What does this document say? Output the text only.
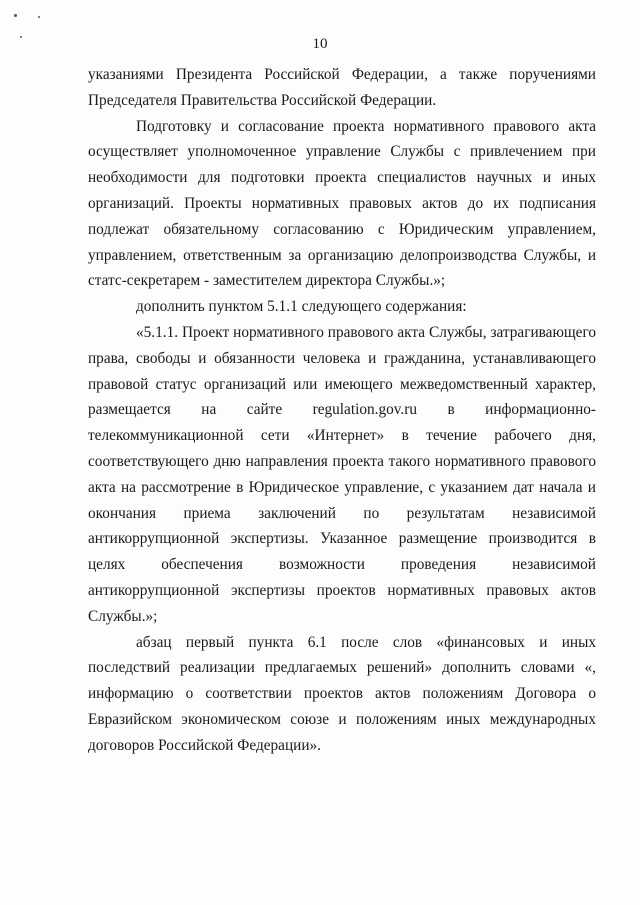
10

указаниями Президента Российской Федерации, а также поручениями Председателя Правительства Российской Федерации.

Подготовку и согласование проекта нормативного правового акта осуществляет уполномоченное управление Службы с привлечением при необходимости для подготовки проекта специалистов научных и иных организаций. Проекты нормативных правовых актов до их подписания подлежат обязательному согласованию с Юридическим управлением, управлением, ответственным за организацию делопроизводства Службы, и статс-секретарем - заместителем директора Службы.»;

дополнить пунктом 5.1.1 следующего содержания:

«5.1.1. Проект нормативного правового акта Службы, затрагивающего права, свободы и обязанности человека и гражданина, устанавливающего правовой статус организаций или имеющего межведомственный характер, размещается на сайте regulation.gov.ru в информационно-телекоммуникационной сети «Интернет» в течение рабочего дня, соответствующего дню направления проекта такого нормативного правового акта на рассмотрение в Юридическое управление, с указанием дат начала и окончания приема заключений по результатам независимой антикоррупционной экспертизы. Указанное размещение производится в целях обеспечения возможности проведения независимой антикоррупционной экспертизы проектов нормативных правовых актов Службы.»;

абзац первый пункта 6.1 после слов «финансовых и иных последствий реализации предлагаемых решений» дополнить словами «, информацию о соответствии проектов актов положениям Договора о Евразийском экономическом союзе и положениям иных международных договоров Российской Федерации».
